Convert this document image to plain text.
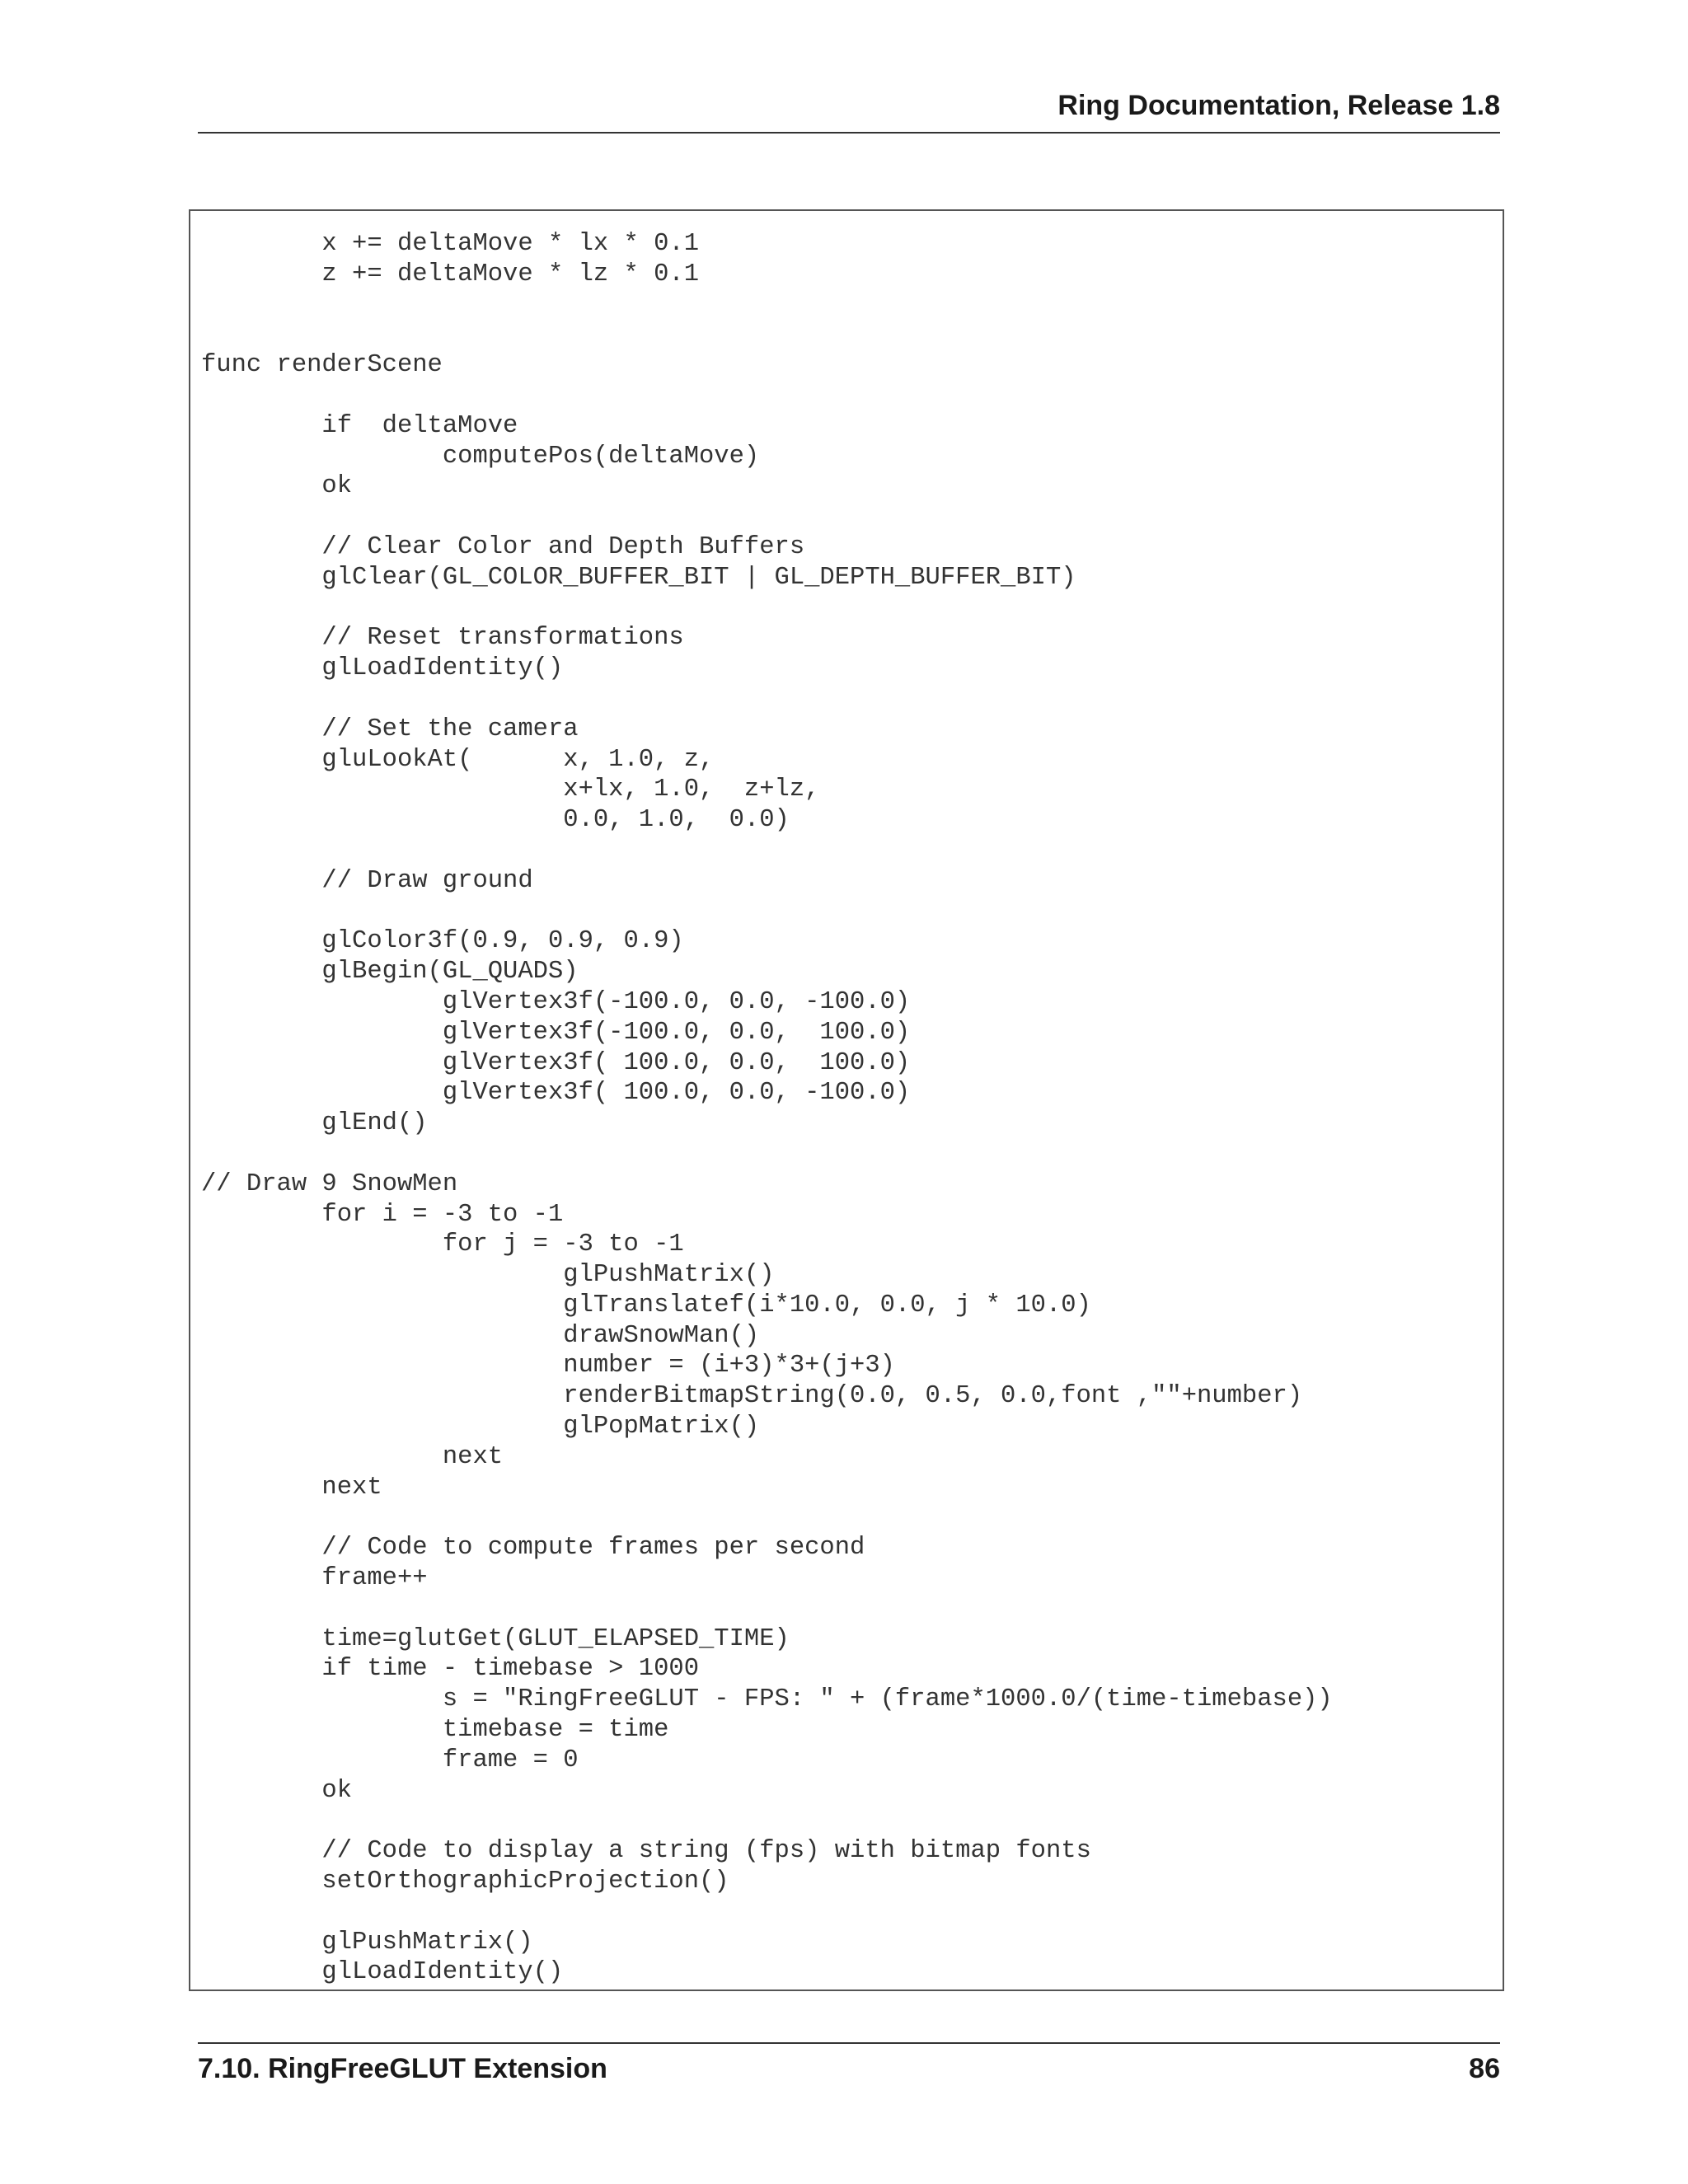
Ring Documentation, Release 1.8
x += deltaMove * lx * 0.1
z += deltaMove * lz * 0.1

func renderScene

if  deltaMove
computePos(deltaMove)
ok

// Clear Color and Depth Buffers
glClear(GL_COLOR_BUFFER_BIT | GL_DEPTH_BUFFER_BIT)

// Reset transformations
glLoadIdentity()

// Set the camera
gluLookAt(      x, 1.0, z,
x+lx, 1.0,  z+lz,
0.0, 1.0,  0.0)

// Draw ground

glColor3f(0.9, 0.9, 0.9)
glBegin(GL_QUADS)
glVertex3f(-100.0, 0.0, -100.0)
glVertex3f(-100.0, 0.0,  100.0)
glVertex3f( 100.0, 0.0,  100.0)
glVertex3f( 100.0, 0.0, -100.0)
glEnd()

// Draw 9 SnowMen
for i = -3 to -1
for j = -3 to -1
glPushMatrix()
glTranslatef(i*10.0, 0.0, j * 10.0)
drawSnowMan()
number = (i+3)*3+(j+3)
renderBitmapString(0.0, 0.5, 0.0,font ,""+number)
glPopMatrix()
next
next

// Code to compute frames per second
frame++

time=glutGet(GLUT_ELAPSED_TIME)
if time - timebase > 1000
s = "RingFreeGLUT - FPS: " + (frame*1000.0/(time-timebase))
timebase = time
frame = 0
ok

// Code to display a string (fps) with bitmap fonts
setOrthographicProjection()

glPushMatrix()
glLoadIdentity()
7.10. RingFreeGLUT Extension	86
